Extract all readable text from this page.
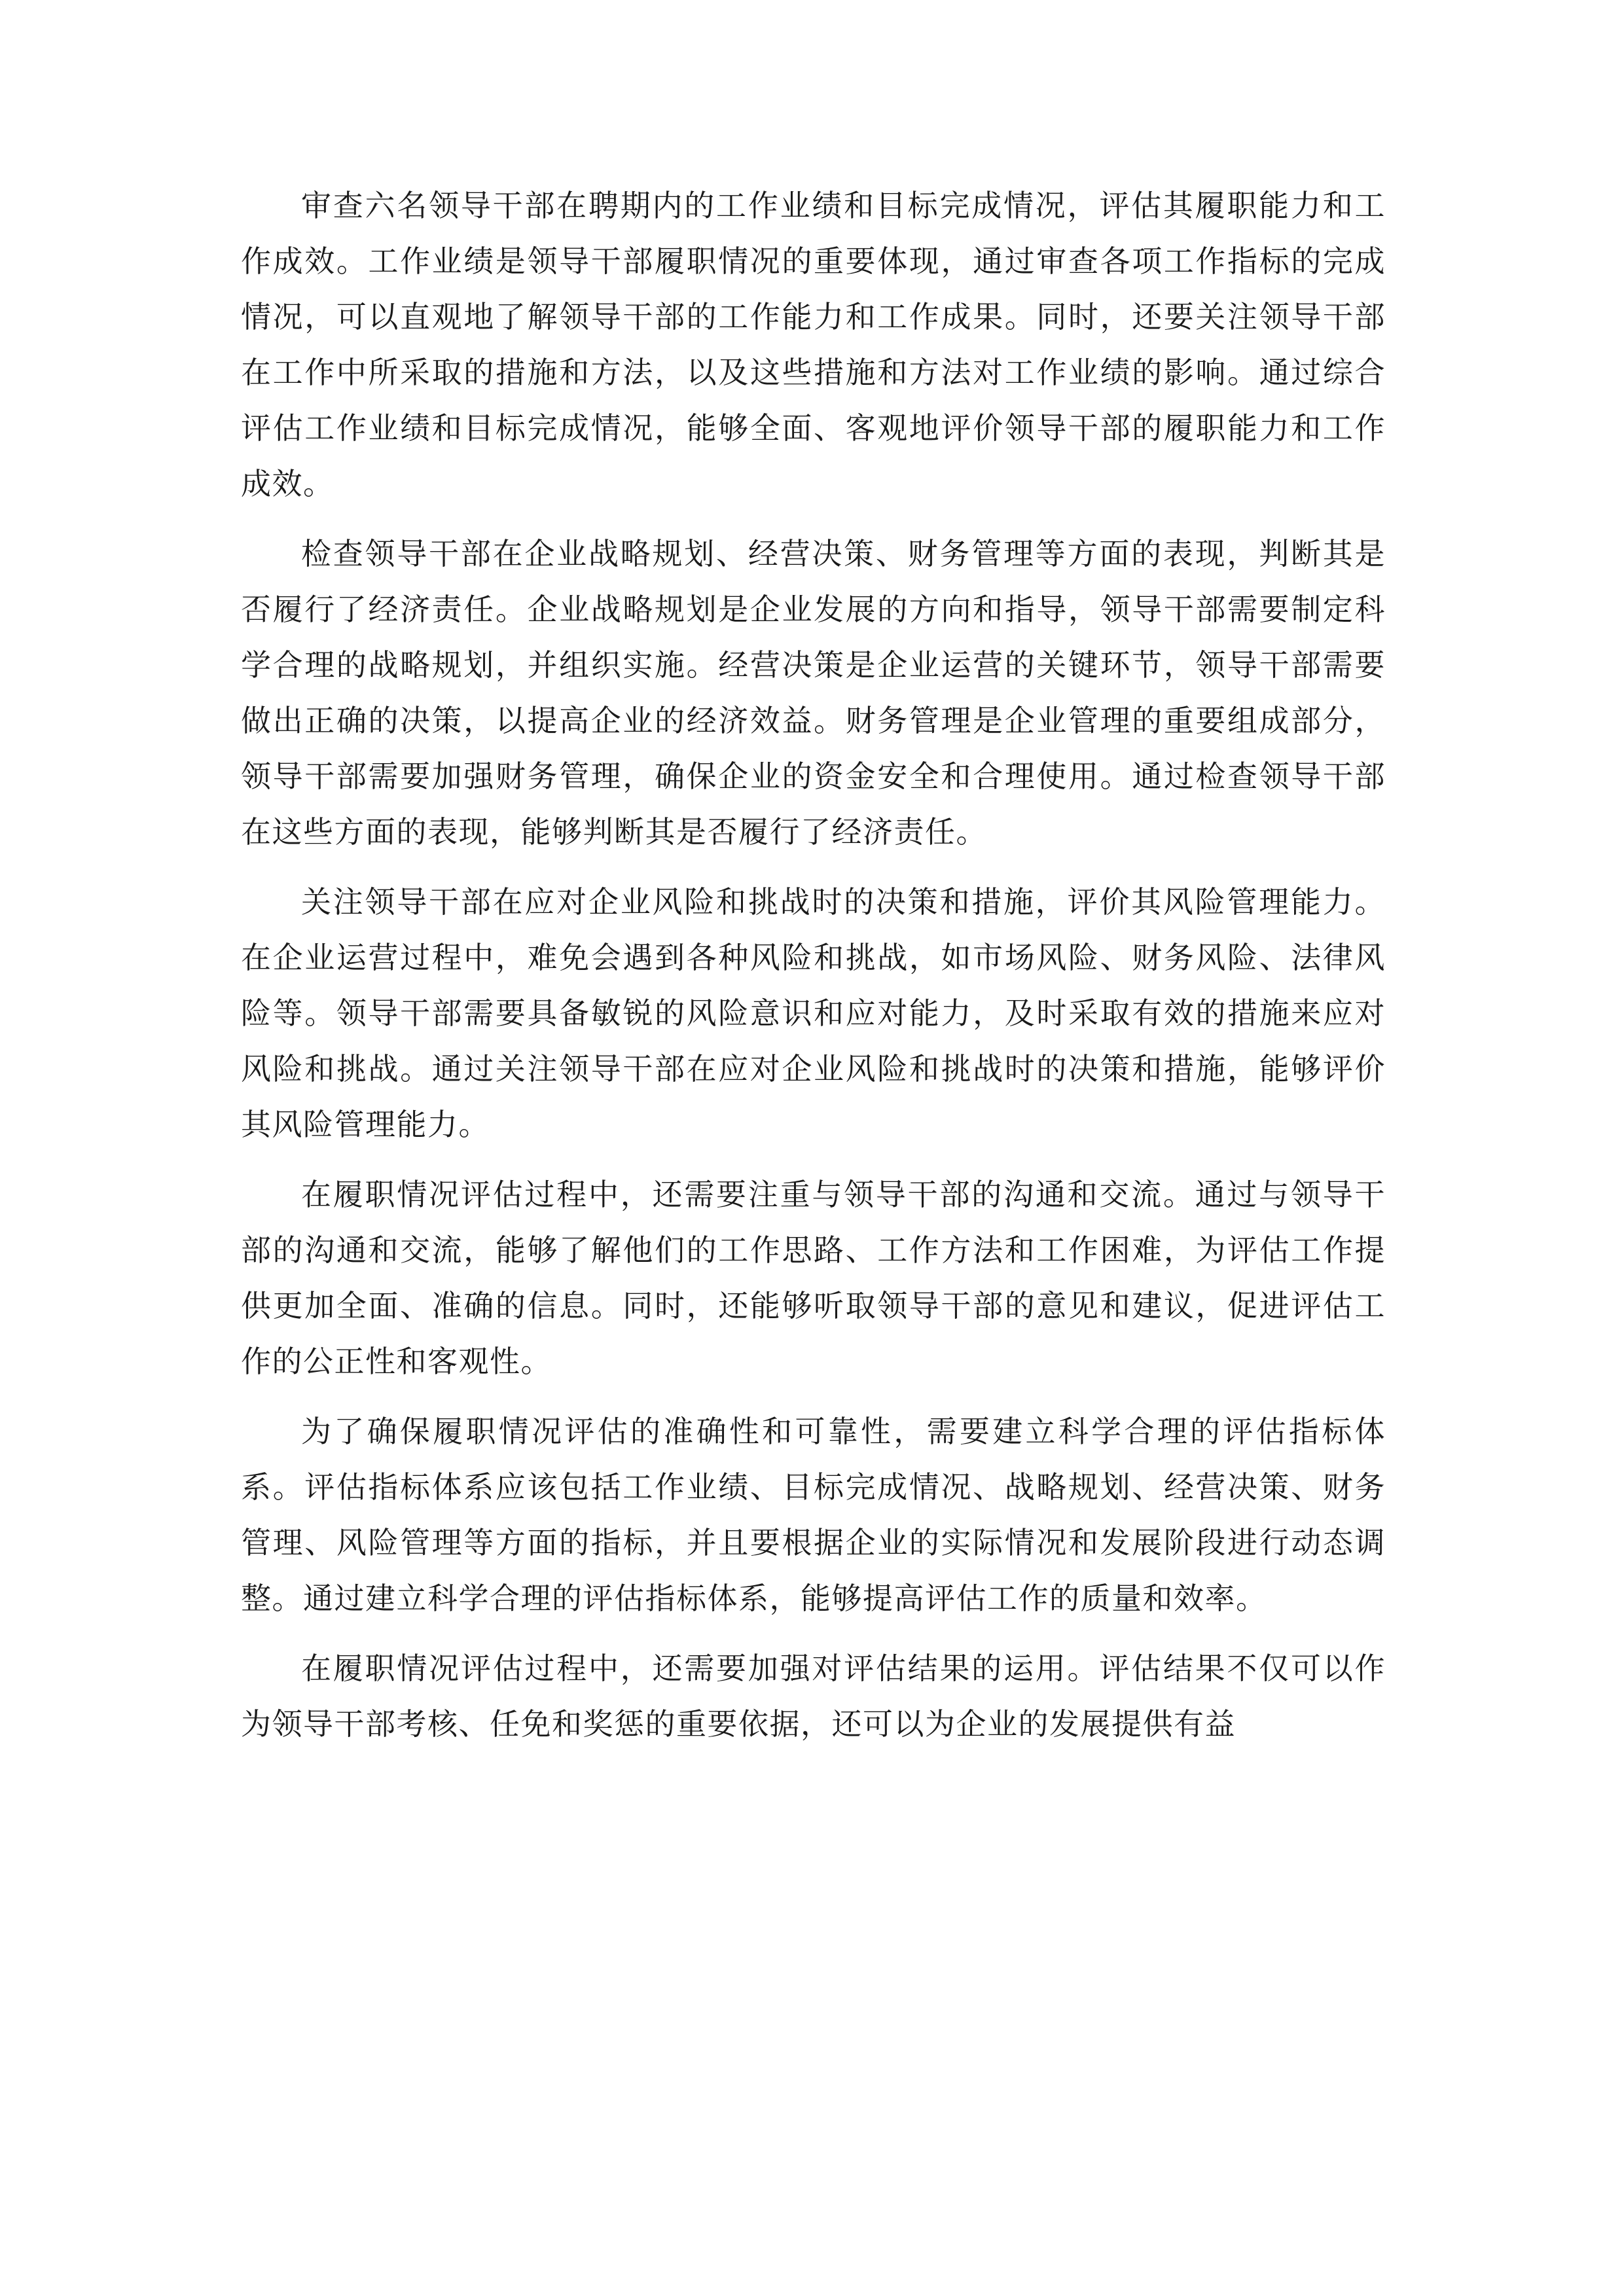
审查六名领导干部在聘期内的工作业绩和目标完成情况，评估其履职能力和工作成效。工作业绩是领导干部履职情况的重要体现，通过审查各项工作指标的完成情况，可以直观地了解领导干部的工作能力和工作成果。同时，还要关注领导干部在工作中所采取的措施和方法，以及这些措施和方法对工作业绩的影响。通过综合评估工作业绩和目标完成情况，能够全面、客观地评价领导干部的履职能力和工作成效。

检查领导干部在企业战略规划、经营决策、财务管理等方面的表现，判断其是否履行了经济责任。企业战略规划是企业发展的方向和指导，领导干部需要制定科学合理的战略规划，并组织实施。经营决策是企业运营的关键环节，领导干部需要做出正确的决策，以提高企业的经济效益。财务管理是企业管理的重要组成部分，领导干部需要加强财务管理，确保企业的资金安全和合理使用。通过检查领导干部在这些方面的表现，能够判断其是否履行了经济责任。

关注领导干部在应对企业风险和挑战时的决策和措施，评价其风险管理能力。在企业运营过程中，难免会遇到各种风险和挑战，如市场风险、财务风险、法律风险等。领导干部需要具备敏锐的风险意识和应对能力，及时采取有效的措施来应对风险和挑战。通过关注领导干部在应对企业风险和挑战时的决策和措施，能够评价其风险管理能力。

在履职情况评估过程中，还需要注重与领导干部的沟通和交流。通过与领导干部的沟通和交流，能够了解他们的工作思路、工作方法和工作困难，为评估工作提供更加全面、准确的信息。同时，还能够听取领导干部的意见和建议，促进评估工作的公正性和客观性。

为了确保履职情况评估的准确性和可靠性，需要建立科学合理的评估指标体系。评估指标体系应该包括工作业绩、目标完成情况、战略规划、经营决策、财务管理、风险管理等方面的指标，并且要根据企业的实际情况和发展阶段进行动态调整。通过建立科学合理的评估指标体系，能够提高评估工作的质量和效率。

在履职情况评估过程中，还需要加强对评估结果的运用。评估结果不仅可以作为领导干部考核、任免和奖惩的重要依据，还可以为企业的发展提供有益
